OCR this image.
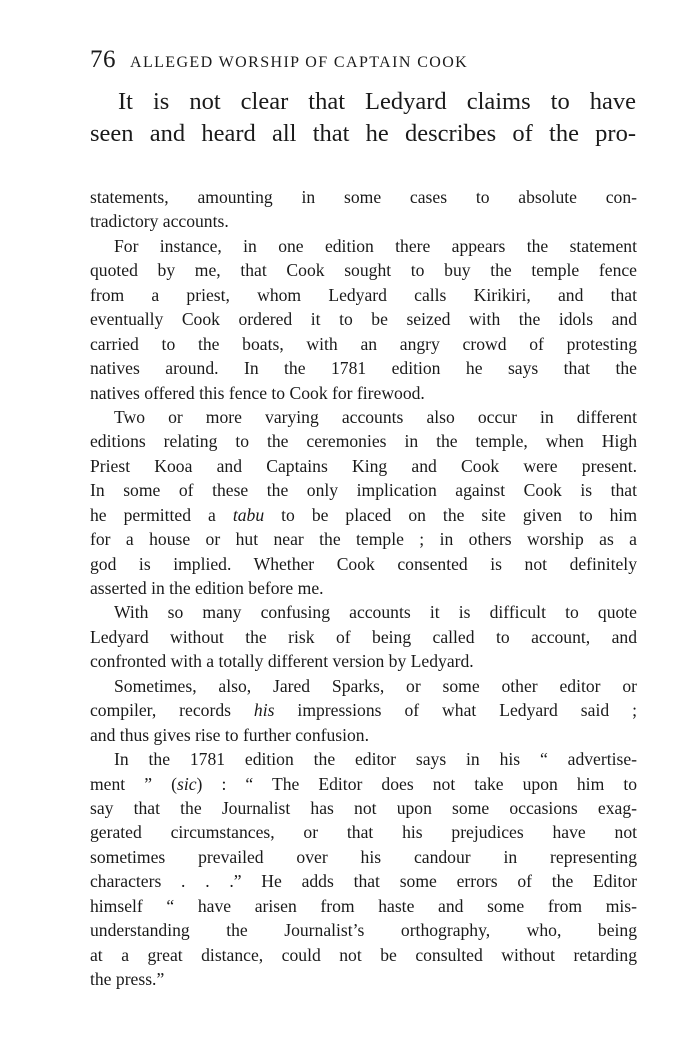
76 ALLEGED WORSHIP OF CAPTAIN COOK
It is not clear that Ledyard claims to have
seen and heard all that he describes of the pro-
statements, amounting in some cases to absolute con-
tradictory accounts.
For instance, in one edition there appears the statement
quoted by me, that Cook sought to buy the temple fence
from a priest, whom Ledyard calls Kirikiri, and that
eventually Cook ordered it to be seized with the idols and
carried to the boats, with an angry crowd of protesting
natives around. In the 1781 edition he says that the
natives offered this fence to Cook for firewood.
Two or more varying accounts also occur in different
editions relating to the ceremonies in the temple, when High
Priest Kooa and Captains King and Cook were present.
In some of these the only implication against Cook is that
he permitted a tabu to be placed on the site given to him
for a house or hut near the temple ; in others worship as a
god is implied. Whether Cook consented is not definitely
asserted in the edition before me.
With so many confusing accounts it is difficult to quote
Ledyard without the risk of being called to account, and
confronted with a totally different version by Ledyard.
Sometimes, also, Jared Sparks, or some other editor or
compiler, records his impressions of what Ledyard said ;
and thus gives rise to further confusion.
In the 1781 edition the editor says in his “ advertise-
ment ” (sic) : “ The Editor does not take upon him to
say that the Journalist has not upon some occasions exag-
gerated circumstances, or that his prejudices have not
sometimes prevailed over his candour in representing
characters . . .” He adds that some errors of the Editor
himself “ have arisen from haste and some from mis-
understanding the Journalist’s orthography, who, being
at a great distance, could not be consulted without retarding
the press.”
